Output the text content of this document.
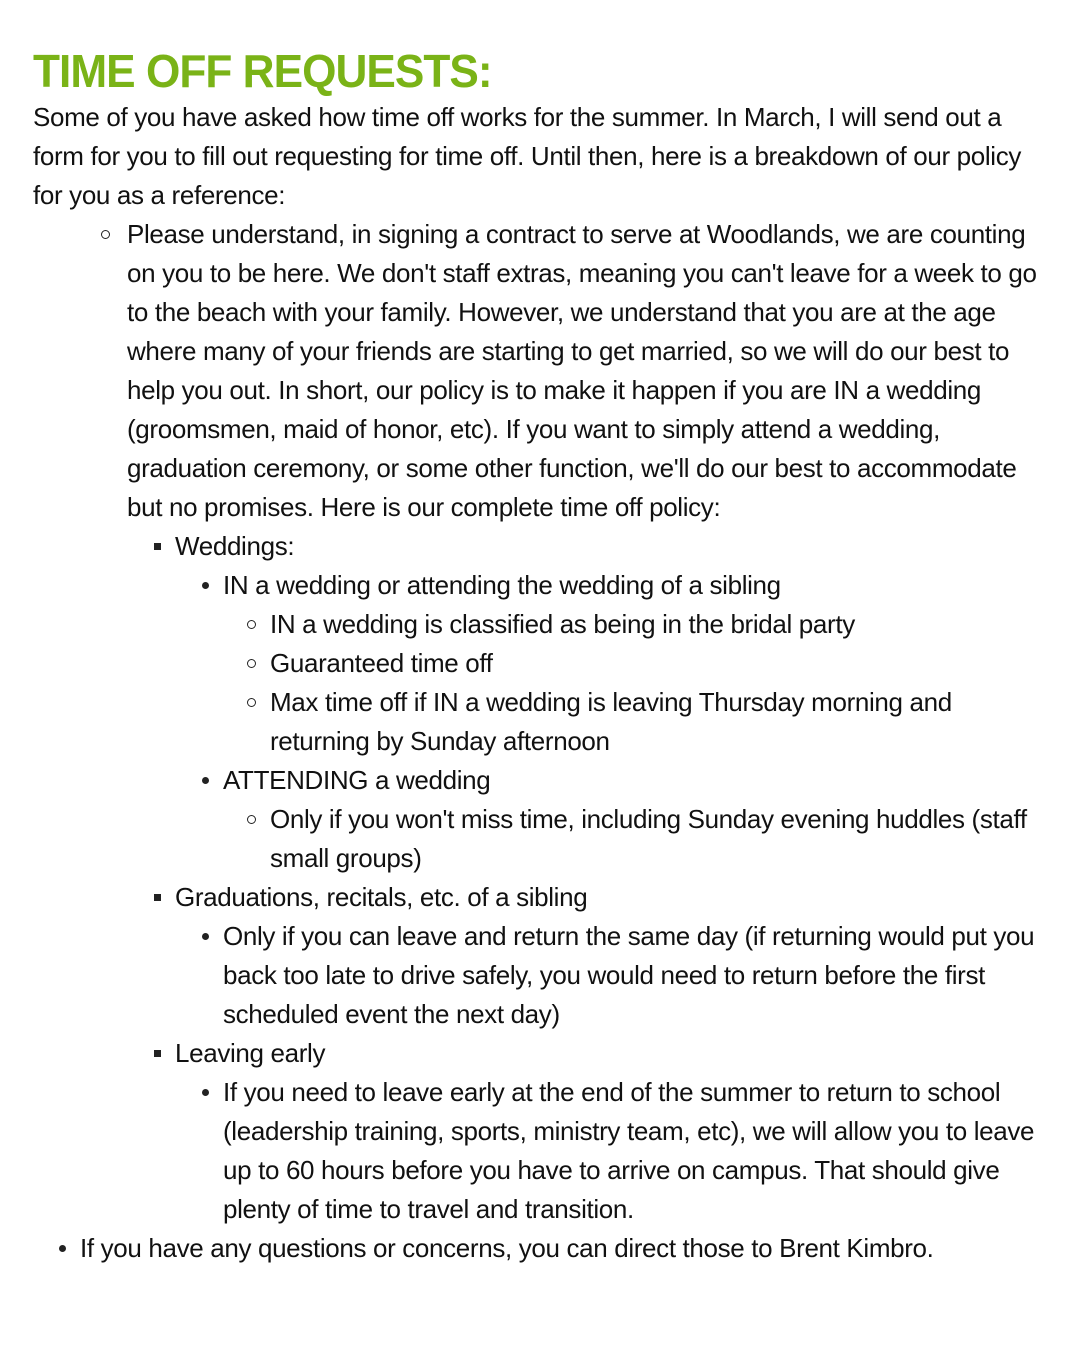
TIME OFF REQUESTS:

Some of you have asked how time off works for the summer. In March, I will send out a form for you to fill out requesting for time off. Until then, here is a breakdown of our policy for you as a reference:

Please understand, in signing a contract to serve at Woodlands, we are counting on you to be here. We don't staff extras, meaning you can't leave for a week to go to the beach with your family. However, we understand that you are at the age where many of your friends are starting to get married, so we will do our best to help you out. In short, our policy is to make it happen if you are IN a wedding (groomsmen, maid of honor, etc). If you want to simply attend a wedding, graduation ceremony, or some other function, we'll do our best to accommodate but no promises. Here is our complete time off policy:
Weddings:
IN a wedding or attending the wedding of a sibling
IN a wedding is classified as being in the bridal party
Guaranteed time off
Max time off if IN a wedding is leaving Thursday morning and returning by Sunday afternoon
ATTENDING a wedding
Only if you won't miss time, including Sunday evening huddles (staff small groups)
Graduations, recitals, etc. of a sibling
Only if you can leave and return the same day (if returning would put you back too late to drive safely, you would need to return before the first scheduled event the next day)
Leaving early
If you need to leave early at the end of the summer to return to school (leadership training, sports, ministry team, etc), we will allow you to leave up to 60 hours before you have to arrive on campus. That should give plenty of time to travel and transition.
If you have any questions or concerns, you can direct those to Brent Kimbro.
